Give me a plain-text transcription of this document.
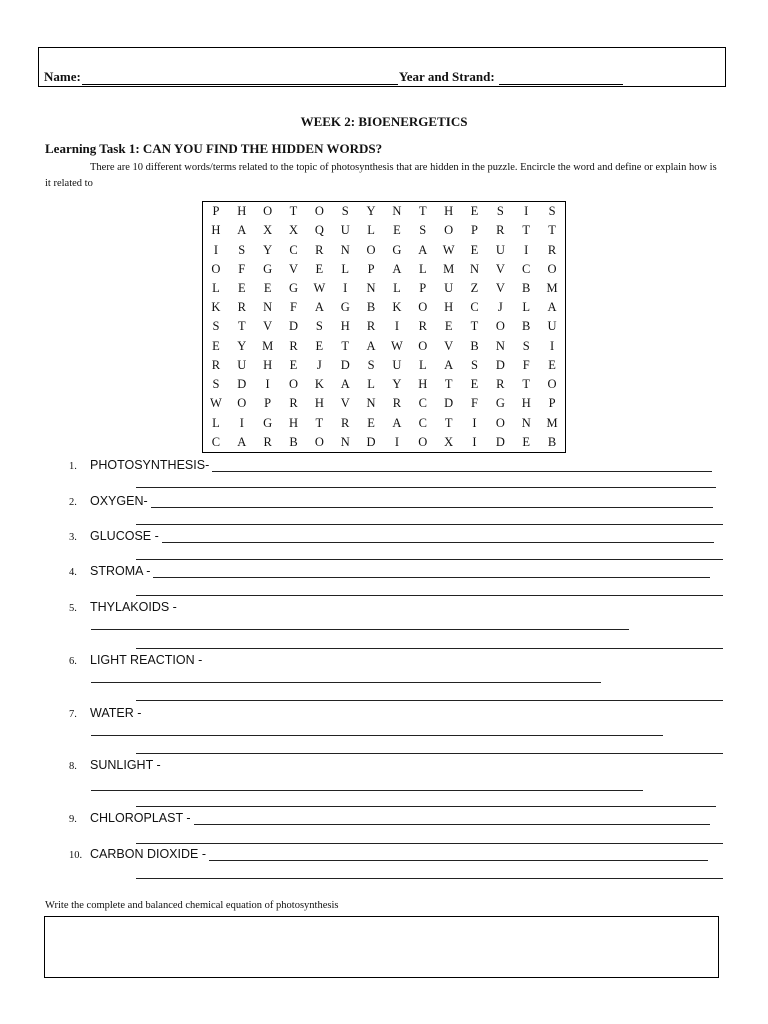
Name:	Year and Strand:
WEEK 2: BIOENERGETICS
Learning Task 1: CAN YOU FIND THE HIDDEN WORDS?
There are 10 different words/terms related to the topic of photosynthesis that are hidden in the puzzle. Encircle the word and define or explain how is it related to
P	H	O	T	O	S	Y	N	T	H	E	S	I	S
H	A	X	X	Q	U	L	E	S	O	P	R	T	T
I	S	Y	C	R	N	O	G	A	W	E	U	I	R
O	F	G	V	E	L	P	A	L	M	N	V	C	O
L	E	E	G	W	I	N	L	P	U	Z	V	B	M
K	R	N	F	A	G	B	K	O	H	C	J	L	A
S	T	V	D	S	H	R	I	R	E	T	O	B	U
E	Y	M	R	E	T	A	W	O	V	B	N	S	I
R	U	H	E	J	D	S	U	L	A	S	D	F	E
S	D	I	O	K	A	L	Y	H	T	E	R	T	O
W	O	P	R	H	V	N	R	C	D	F	G	H	P
L	I	G	H	T	R	E	A	C	T	I	O	N	M
C	A	R	B	O	N	D	I	O	X	I	D	E	B
1.	PHOTOSYNTHESIS-
2.	OXYGEN-
3.	GLUCOSE -
4.	STROMA -
5.	THYLAKOIDS -
6.	LIGHT REACTION -
7.	WATER -
8.	SUNLIGHT -
9.	CHLOROPLAST -
10. CARBON DIOXIDE -
Write the complete and balanced chemical equation of photosynthesis
